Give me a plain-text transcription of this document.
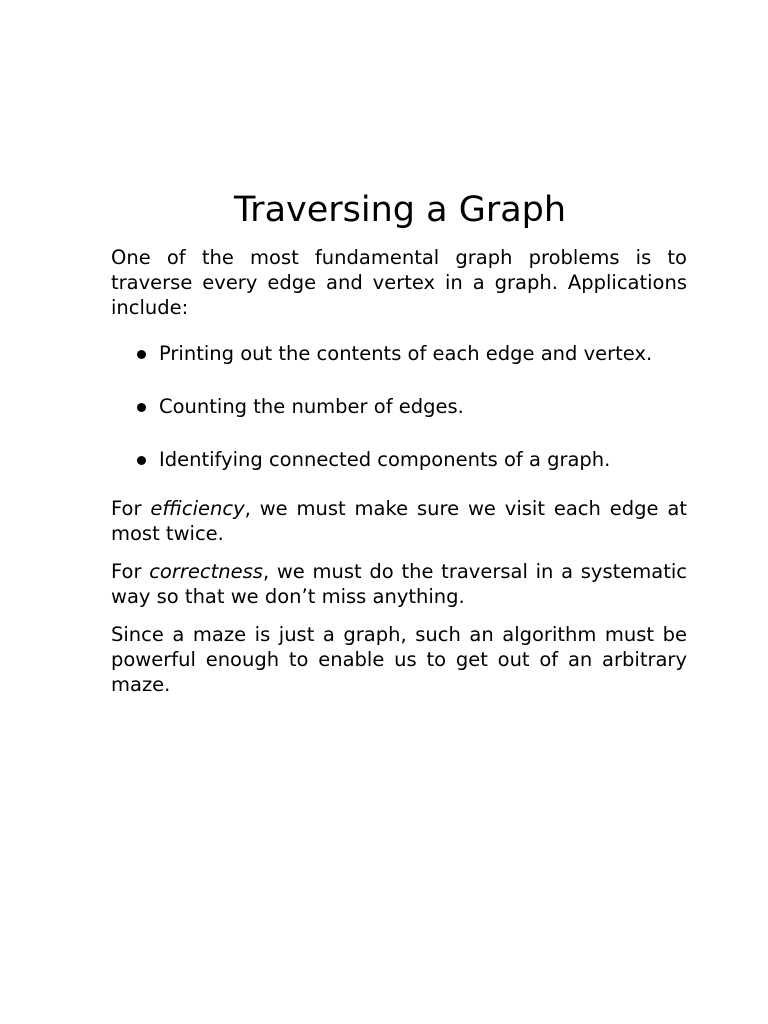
Traversing a Graph

One of the most fundamental graph problems is to traverse every edge and vertex in a graph. Applications include:

Printing out the contents of each edge and vertex.
Counting the number of edges.
Identifying connected components of a graph.

For efficiency, we must make sure we visit each edge at most twice.

For correctness, we must do the traversal in a systematic way so that we don’t miss anything.

Since a maze is just a graph, such an algorithm must be powerful enough to enable us to get out of an arbitrary maze.
